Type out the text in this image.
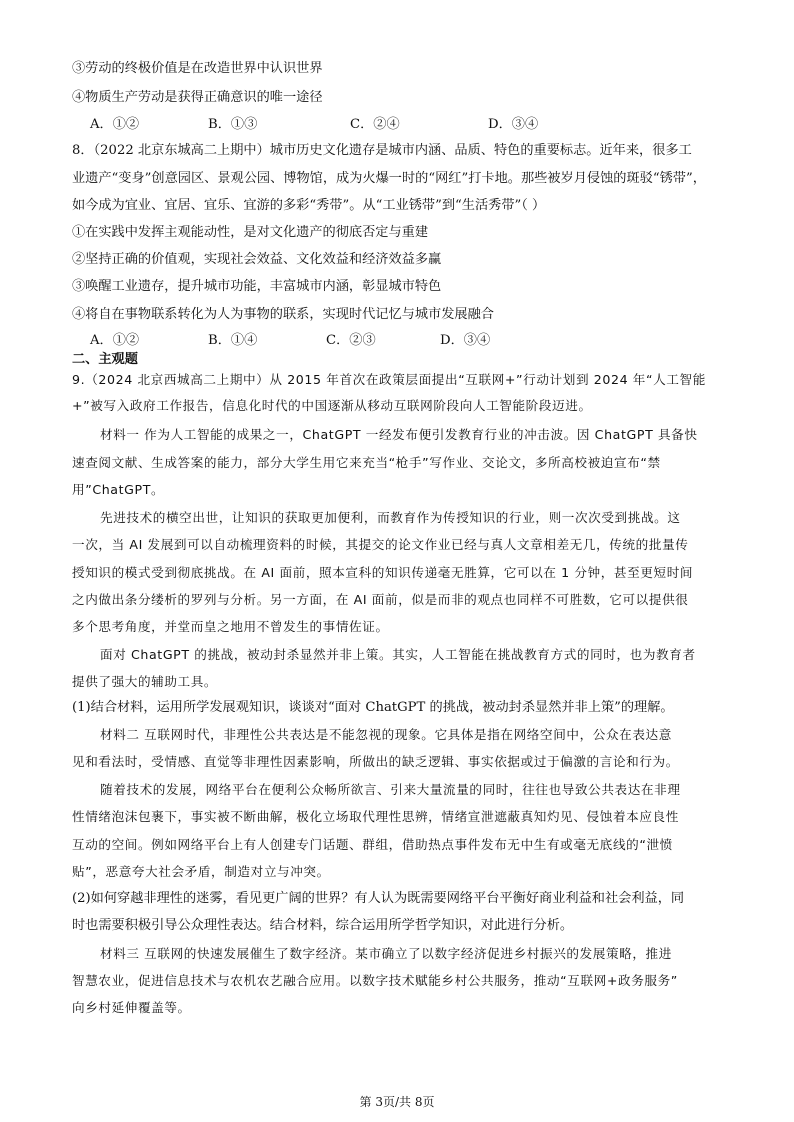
③劳动的终极价值是在改造世界中认识世界
④物质生产劳动是获得正确意识的唯一途径
A．①②	B．①③	C．②④	D．③④
8．（2022 北京东城高二上期中）城市历史文化遗存是城市内涵、品质、特色的重要标志。近年来，很多工
业遗产“变身”创意园区、景观公园、博物馆，成为火爆一时的“网红”打卡地。那些被岁月侵蚀的斑驳“锈带”，
如今成为宜业、宜居、宜乐、宜游的多彩“秀带”。从“工业锈带”到“生活秀带”（ ）
①在实践中发挥主观能动性，是对文化遗产的彻底否定与重建
②坚持正确的价值观，实现社会效益、文化效益和经济效益多赢
③唤醒工业遗存，提升城市功能，丰富城市内涵，彰显城市特色
④将自在事物联系转化为人为事物的联系，实现时代记忆与城市发展融合
A．①②	B．①④	C．②③	D．③④
二、主观题
9.（2024 北京西城高二上期中）从 2015 年首次在政策层面提出“互联网+”行动计划到 2024 年“人工智能
+”被写入政府工作报告，信息化时代的中国逐渐从移动互联网阶段向人工智能阶段迈进。
材料一 作为人工智能的成果之一，ChatGPT 一经发布便引发教育行业的冲击波。因 ChatGPT 具备快
速查阅文献、生成答案的能力，部分大学生用它来充当“枪手”写作业、交论文，多所高校被迫宣布“禁
用”ChatGPT。
先进技术的横空出世，让知识的获取更加便利，而教育作为传授知识的行业，则一次次受到挑战。这
一次，当 AI 发展到可以自动梳理资料的时候，其提交的论文作业已经与真人文章相差无几，传统的批量传
授知识的模式受到彻底挑战。在 AI 面前，照本宣科的知识传递毫无胜算，它可以在 1 分钟，甚至更短时间
之内做出条分缕析的罗列与分析。另一方面，在 AI 面前，似是而非的观点也同样不可胜数，它可以提供很
多个思考角度，并堂而皇之地用不曾发生的事情佐证。
面对 ChatGPT 的挑战，被动封杀显然并非上策。其实，人工智能在挑战教育方式的同时，也为教育者
提供了强大的辅助工具。
(1)结合材料，运用所学发展观知识，谈谈对“面对 ChatGPT 的挑战，被动封杀显然并非上策”的理解。
材料二 互联网时代，非理性公共表达是不能忽视的现象。它具体是指在网络空间中，公众在表达意
见和看法时，受情感、直觉等非理性因素影响，所做出的缺乏逻辑、事实依据或过于偏激的言论和行为。
随着技术的发展，网络平台在便利公众畅所欲言、引来大量流量的同时，往往也导致公共表达在非理
性情绪泡沫包裹下，事实被不断曲解，极化立场取代理性思辨，情绪宣泄遮蔽真知灼见、侵蚀着本应良性
互动的空间。例如网络平台上有人创建专门话题、群组，借助热点事件发布无中生有或毫无底线的“泄愤
贴”，恶意夸大社会矛盾，制造对立与冲突。
(2)如何穿越非理性的迷雾，看见更广阔的世界？有人认为既需要网络平台平衡好商业利益和社会利益，同
时也需要积极引导公众理性表达。结合材料，综合运用所学哲学知识，对此进行分析。
材料三 互联网的快速发展催生了数字经济。某市确立了以数字经济促进乡村振兴的发展策略，推进
智慧农业，促进信息技术与农机农艺融合应用。以数字技术赋能乡村公共服务，推动“互联网+政务服务”
向乡村延伸覆盖等。
第 3页/共 8页
